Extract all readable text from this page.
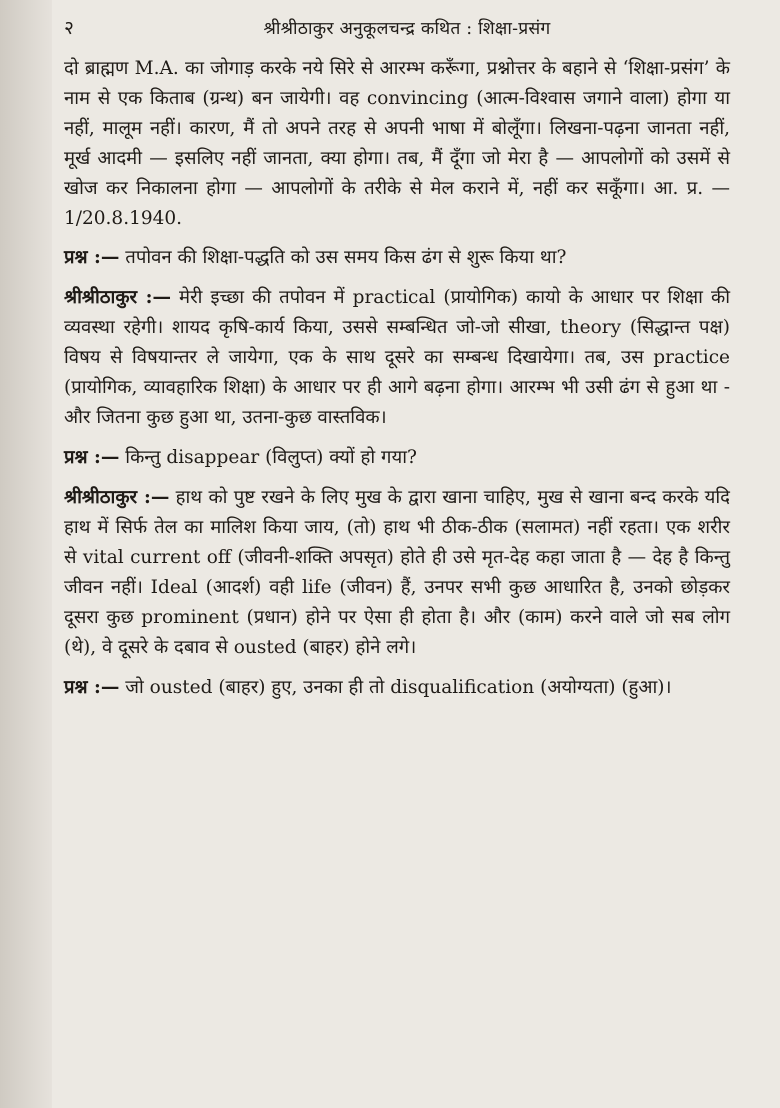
२	श्रीश्रीठाकुर अनुकूलचन्द्र कथित : शिक्षा-प्रसंग

दो ब्राह्मण M.A. का जोगाड़ करके नये सिरे से आरम्भ करूँगा, प्रश्नोत्तर के बहाने से ‘शिक्षा-प्रसंग’ के नाम से एक किताब (ग्रन्थ) बन जायेगी। वह convincing (आत्म-विश्वास जगाने वाला) होगा या नहीं, मालूम नहीं। कारण, मैं तो अपने तरह से अपनी भाषा में बोलूँगा। लिखना-पढ़ना जानता नहीं, मूर्ख आदमी — इसलिए नहीं जानता, क्या होगा। तब, मैं दूँगा जो मेरा है — आपलोगों को उसमें से खोज कर निकालना होगा — आपलोगों के तरीके से मेल कराने में, नहीं कर सकूँगा। आ. प्र. — 1/20.8.1940.

प्रश्न :— तपोवन की शिक्षा-पद्धति को उस समय किस ढंग से शुरू किया था?

श्रीश्रीठाकुर :— मेरी इच्छा की तपोवन में practical (प्रायोगिक) कायो के आधार पर शिक्षा की व्यवस्था रहेगी। शायद कृषि-कार्य किया, उससे सम्बन्धित जो-जो सीखा, theory (सिद्धान्त पक्ष) विषय से विषयान्तर ले जायेगा, एक के साथ दूसरे का सम्बन्ध दिखायेगा। तब, उस practice (प्रायोगिक, व्यावहारिक शिक्षा) के आधार पर ही आगे बढ़ना होगा। आरम्भ भी उसी ढंग से हुआ था - और जितना कुछ हुआ था, उतना-कुछ वास्तविक।

प्रश्न :— किन्तु disappear (विलुप्त) क्यों हो गया?

श्रीश्रीठाकुर :— हाथ को पुष्ट रखने के लिए मुख के द्वारा खाना चाहिए, मुख से खाना बन्द करके यदि हाथ में सिर्फ तेल का मालिश किया जाय, (तो) हाथ भी ठीक-ठीक (सलामत) नहीं रहता। एक शरीर से vital current off (जीवनी-शक्ति अपसृत) होते ही उसे मृत-देह कहा जाता है — देह है किन्तु जीवन नहीं। Ideal (आदर्श) वही life (जीवन) हैं, उनपर सभी कुछ आधारित है, उनको छोड़कर दूसरा कुछ prominent (प्रधान) होने पर ऐसा ही होता है। और (काम) करने वाले जो सब लोग (थे), वे दूसरे के दबाव से ousted (बाहर) होने लगे।

प्रश्न :— जो ousted (बाहर) हुए, उनका ही तो disqualification (अयोग्यता) (हुआ)।
